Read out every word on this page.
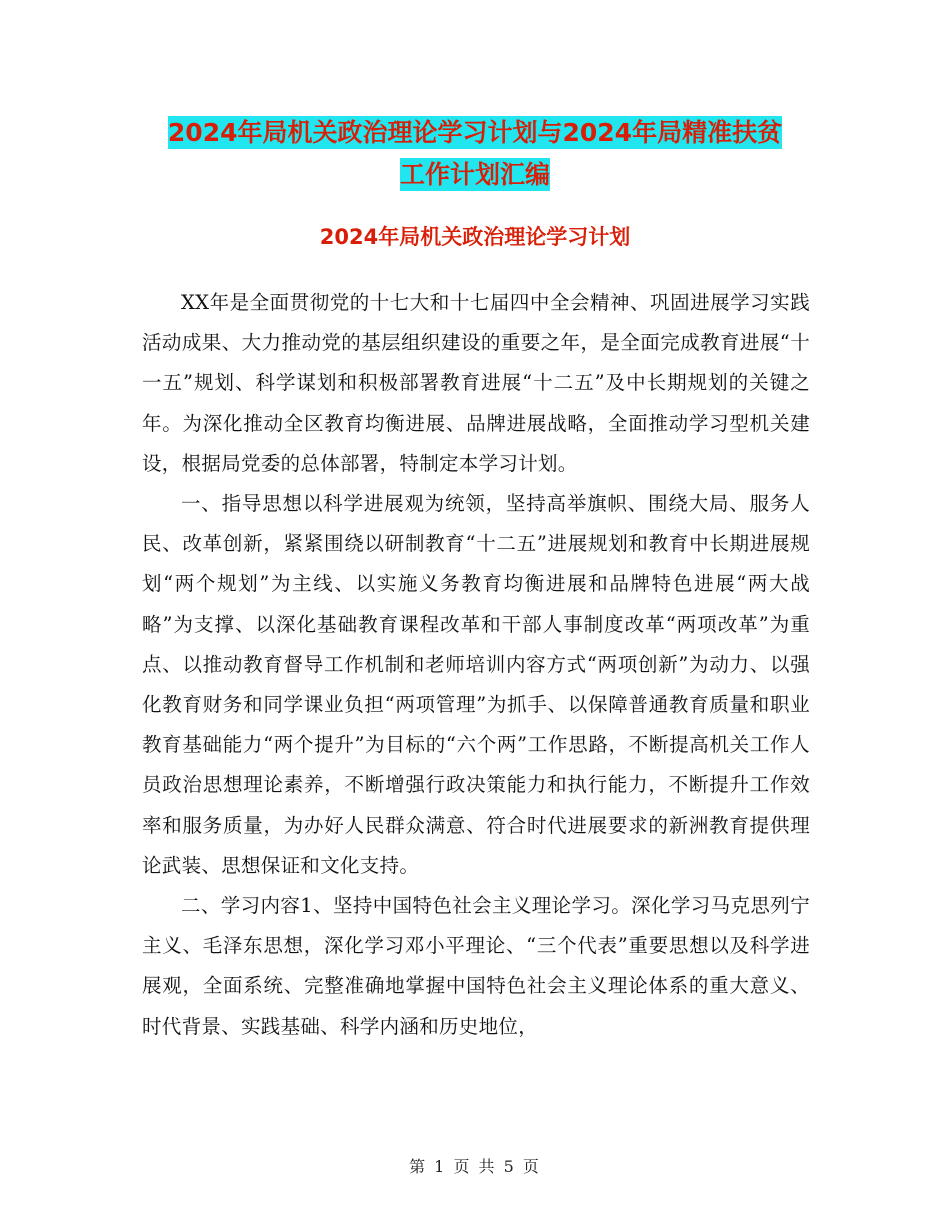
2024年局机关政治理论学习计划与2024年局精准扶贫
工作计划汇编
2024年局机关政治理论学习计划

XX年是全面贯彻党的十七大和十七届四中全会精神、巩固进展学习实践活动成果、大力推动党的基层组织建设的重要之年，是全面完成教育进展“十一五”规划、科学谋划和积极部署教育进展“十二五”及中长期规划的关键之年。为深化推动全区教育均衡进展、品牌进展战略，全面推动学习型机关建设，根据局党委的总体部署，特制定本学习计划。

一、指导思想以科学进展观为统领，坚持高举旗帜、围绕大局、服务人民、改革创新，紧紧围绕以研制教育“十二五”进展规划和教育中长期进展规划“两个规划”为主线、以实施义务教育均衡进展和品牌特色进展“两大战略”为支撑、以深化基础教育课程改革和干部人事制度改革“两项改革”为重点、以推动教育督导工作机制和老师培训内容方式“两项创新”为动力、以强化教育财务和同学课业负担“两项管理”为抓手、以保障普通教育质量和职业教育基础能力“两个提升”为目标的“六个两”工作思路，不断提高机关工作人员政治思想理论素养，不断增强行政决策能力和执行能力，不断提升工作效率和服务质量，为办好人民群众满意、符合时代进展要求的新洲教育提供理论武装、思想保证和文化支持。

二、学习内容1、坚持中国特色社会主义理论学习。深化学习马克思列宁主义、毛泽东思想，深化学习邓小平理论、“三个代表”重要思想以及科学进展观，全面系统、完整准确地掌握中国特色社会主义理论体系的重大意义、时代背景、实践基础、科学内涵和历史地位，

第 1 页 共 5 页
